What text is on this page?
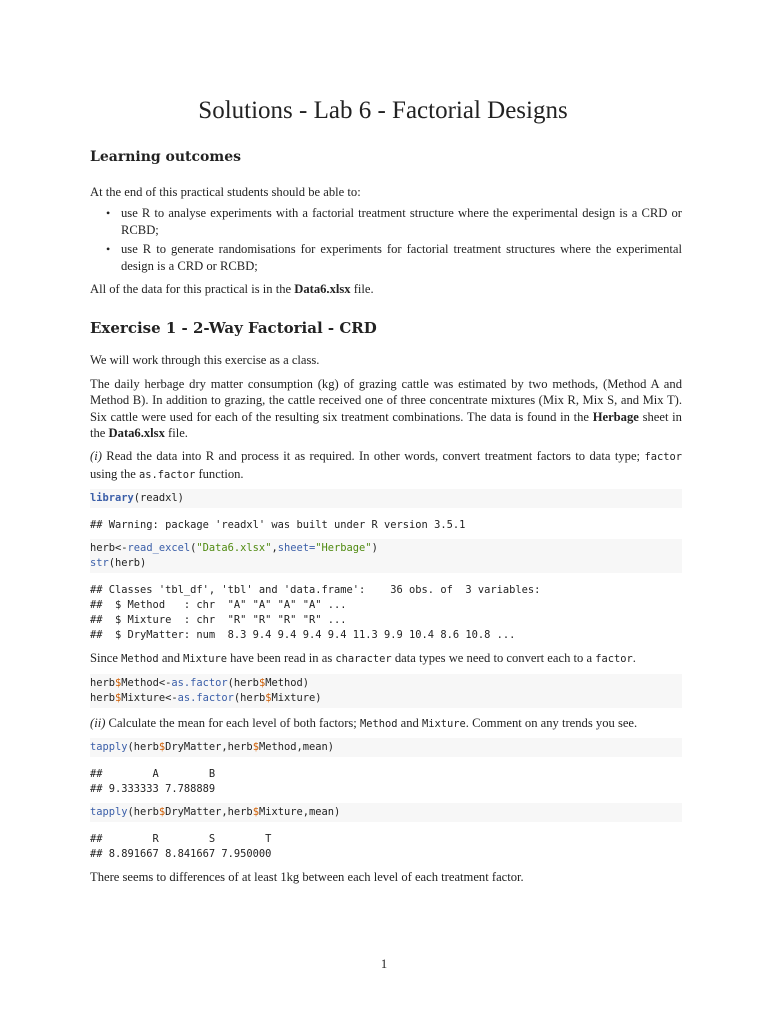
Solutions - Lab 6 - Factorial Designs
Learning outcomes

At the end of this practical students should be able to:

• use R to analyse experiments with a factorial treatment structure where the experimental design is a CRD or RCBD;
• use R to generate randomisations for experiments for factorial treatment structures where the experimental design is a CRD or RCBD;

All of the data for this practical is in the Data6.xlsx file.

Exercise 1 - 2-Way Factorial - CRD

We will work through this exercise as a class.

The daily herbage dry matter consumption (kg) of grazing cattle was estimated by two methods, (Method A and Method B). In addition to grazing, the cattle received one of three concentrate mixtures (Mix R, Mix S, and Mix T). Six cattle were used for each of the resulting six treatment combinations. The data is found in the Herbage sheet in the Data6.xlsx file.

(i) Read the data into R and process it as required. In other words, convert treatment factors to data type; factor using the as.factor function.

library(readxl)
## Warning: package 'readxl' was built under R version 3.5.1
herb<-read_excel("Data6.xlsx",sheet="Herbage")
str(herb)
## Classes 'tbl_df', 'tbl' and 'data.frame':    36 obs. of  3 variables:
##  $ Method   : chr  "A" "A" "A" "A" ...
##  $ Mixture  : chr  "R" "R" "R" "R" ...
##  $ DryMatter: num  8.3 9.4 9.4 9.4 9.4 11.3 9.9 10.4 8.6 10.8 ...

Since Method and Mixture have been read in as character data types we need to convert each to a factor.

herb$Method<-as.factor(herb$Method)
herb$Mixture<-as.factor(herb$Mixture)

(ii) Calculate the mean for each level of both factors; Method and Mixture. Comment on any trends you see.

tapply(herb$DryMatter,herb$Method,mean)
##        A        B
## 9.333333 7.788889
tapply(herb$DryMatter,herb$Mixture,mean)
##        R        S        T
## 8.891667 8.841667 7.950000

There seems to differences of at least 1kg between each level of each treatment factor.

1
